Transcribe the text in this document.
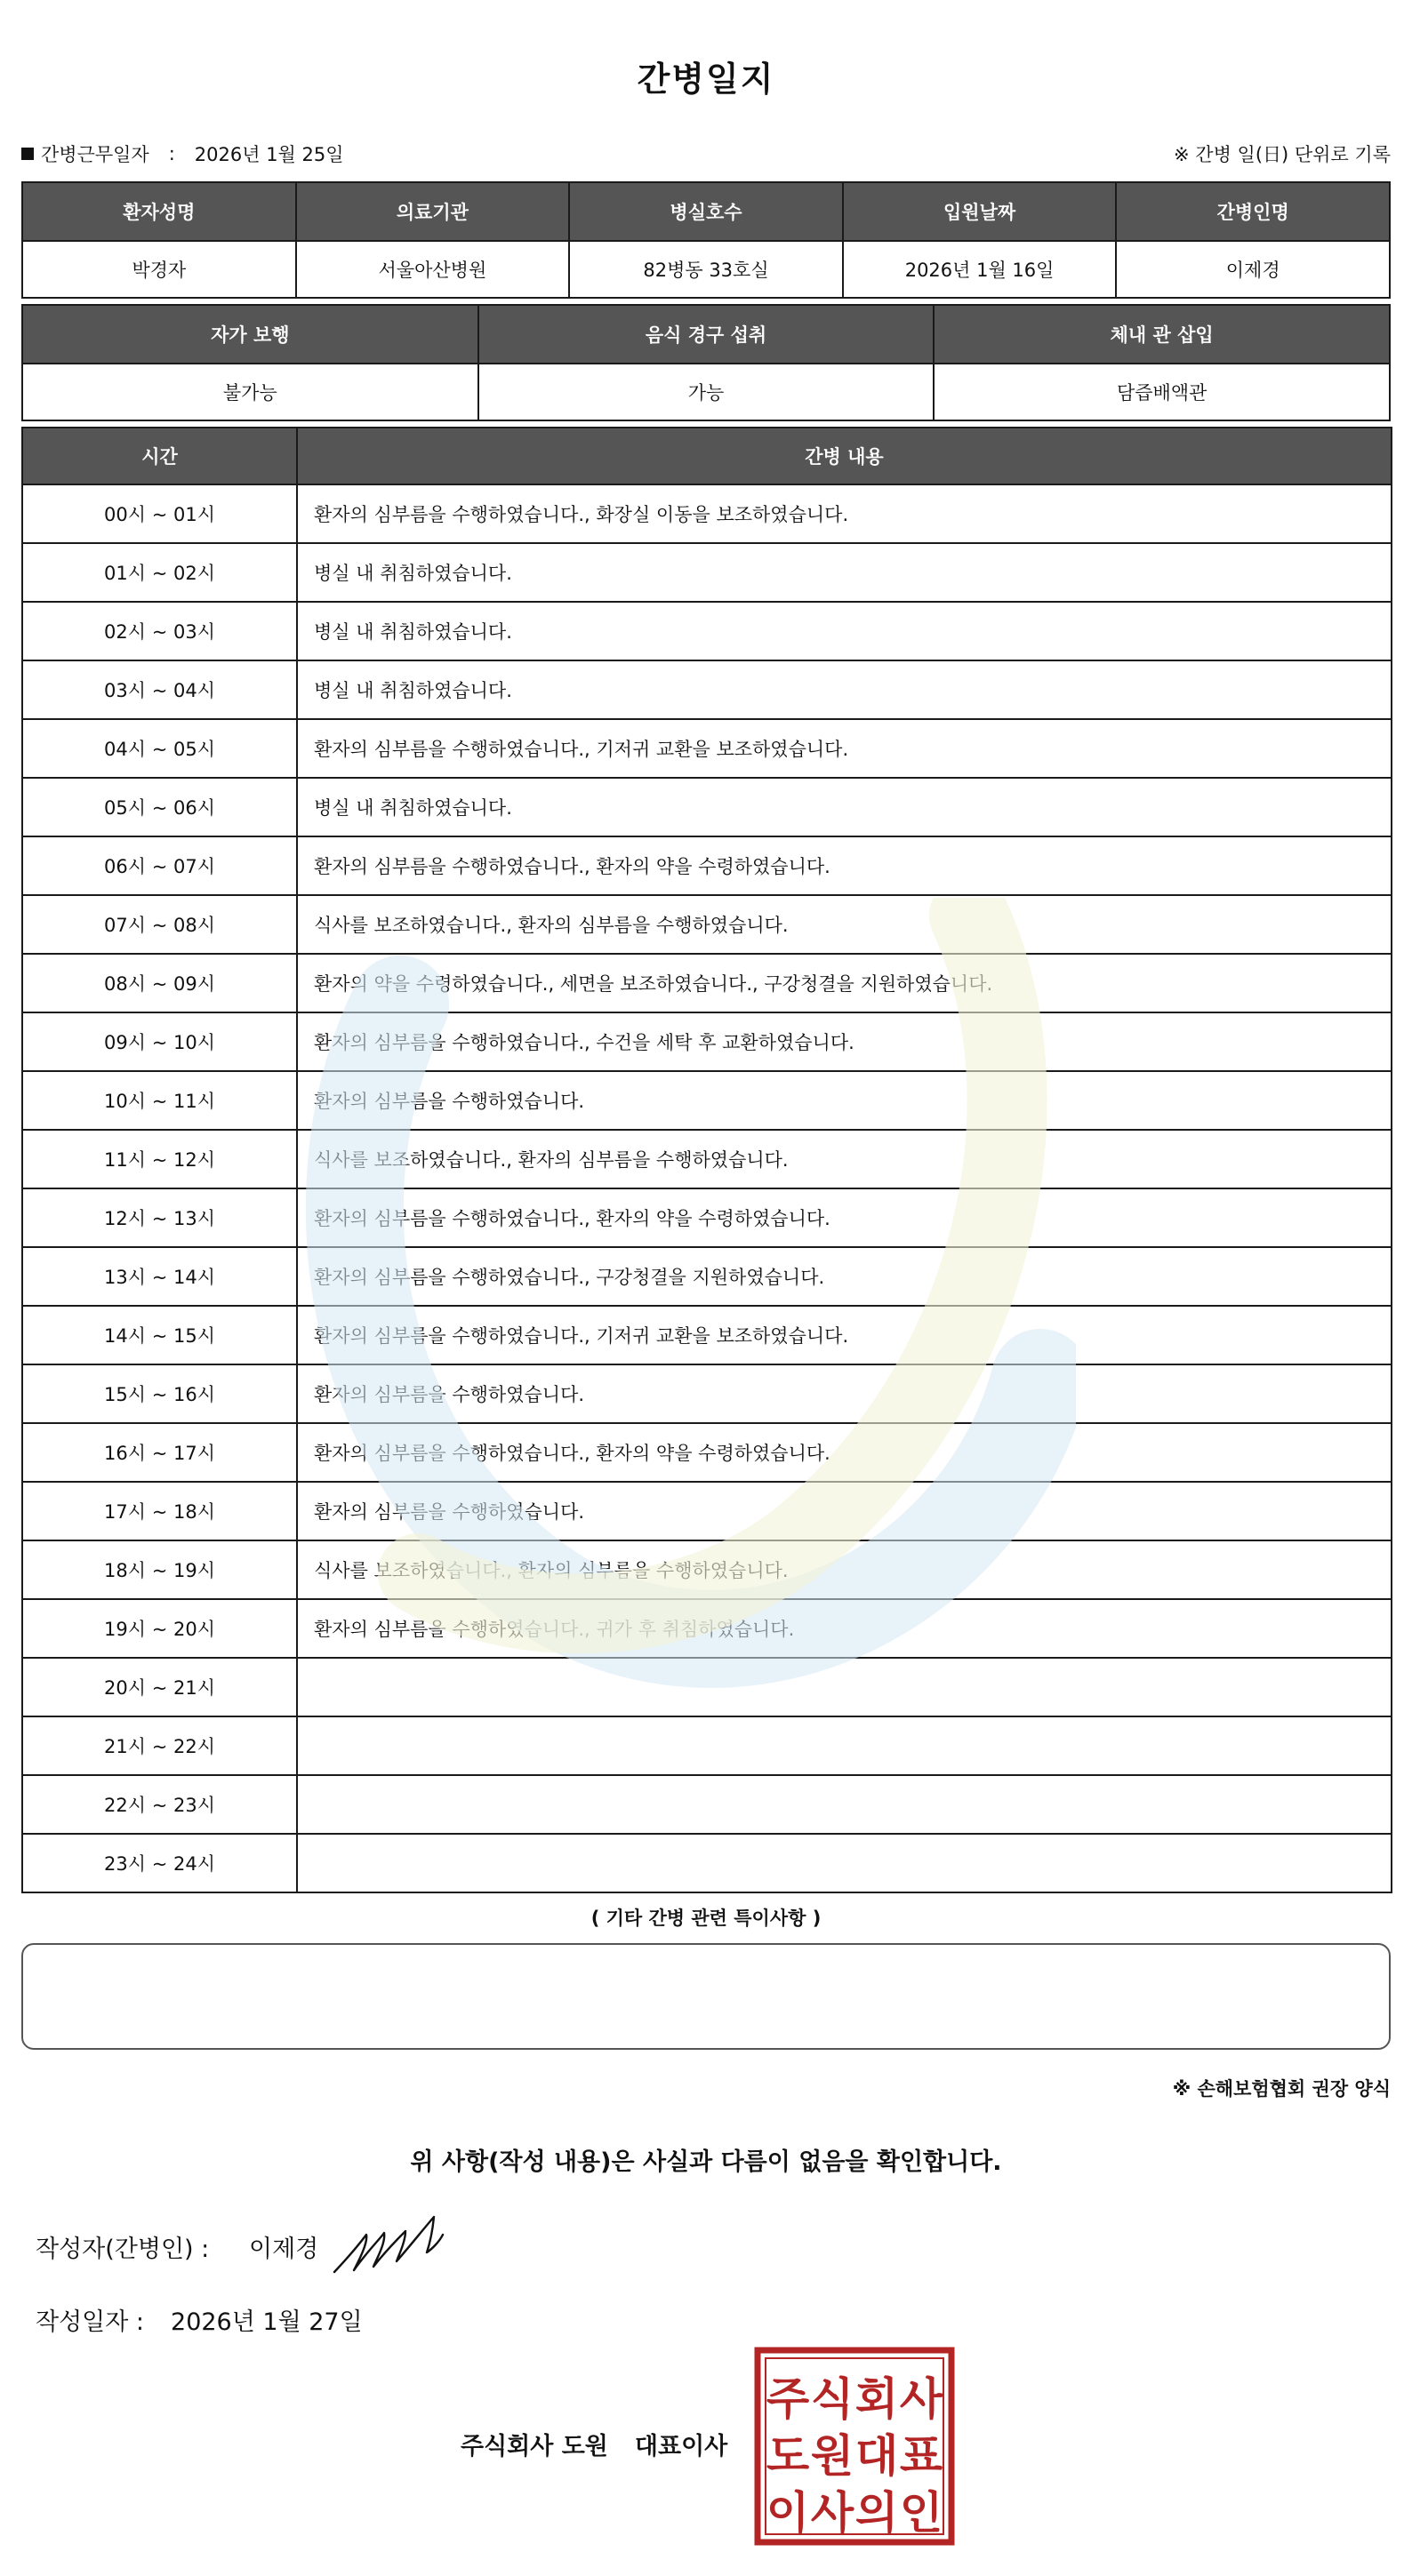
간병일지
간병근무일자 : 2026년 1월 25일	※ 간병 일(日) 단위로 기록
환자성명	의료기관	병실호수	입원날짜	간병인명
박경자	서울아산병원	82병동 33호실	2026년 1월 16일	이제경
자가 보행	음식 경구 섭취	체내 관 삽입
불가능	가능	담즙배액관
시간	간병 내용
00시 ~ 01시	환자의 심부름을 수행하였습니다., 화장실 이동을 보조하였습니다.
01시 ~ 02시	병실 내 취침하였습니다.
02시 ~ 03시	병실 내 취침하였습니다.
03시 ~ 04시	병실 내 취침하였습니다.
04시 ~ 05시	환자의 심부름을 수행하였습니다., 기저귀 교환을 보조하였습니다.
05시 ~ 06시	병실 내 취침하였습니다.
06시 ~ 07시	환자의 심부름을 수행하였습니다., 환자의 약을 수령하였습니다.
07시 ~ 08시	식사를 보조하였습니다., 환자의 심부름을 수행하였습니다.
08시 ~ 09시	환자의 약을 수령하였습니다., 세면을 보조하였습니다., 구강청결을 지원하였습니다.
09시 ~ 10시	환자의 심부름을 수행하였습니다., 수건을 세탁 후 교환하였습니다.
10시 ~ 11시	환자의 심부름을 수행하였습니다.
11시 ~ 12시	식사를 보조하였습니다., 환자의 심부름을 수행하였습니다.
12시 ~ 13시	환자의 심부름을 수행하였습니다., 환자의 약을 수령하였습니다.
13시 ~ 14시	환자의 심부름을 수행하였습니다., 구강청결을 지원하였습니다.
14시 ~ 15시	환자의 심부름을 수행하였습니다., 기저귀 교환을 보조하였습니다.
15시 ~ 16시	환자의 심부름을 수행하였습니다.
16시 ~ 17시	환자의 심부름을 수행하였습니다., 환자의 약을 수령하였습니다.
17시 ~ 18시	환자의 심부름을 수행하였습니다.
18시 ~ 19시	식사를 보조하였습니다., 환자의 심부름을 수행하였습니다.
19시 ~ 20시	환자의 심부름을 수행하였습니다., 귀가 후 취침하였습니다.
20시 ~ 21시	
21시 ~ 22시	
22시 ~ 23시	
23시 ~ 24시	
( 기타 간병 관련 특이사항 )
※ 손해보험협회 권장 양식
위 사항(작성 내용)은 사실과 다름이 없음을 확인합니다.
작성자(간병인) :	이제경
작성일자 : 2026년 1월 27일
주식회사 도원 대표이사
주 식 회 사
도 원 대 표
이 사 의 인
